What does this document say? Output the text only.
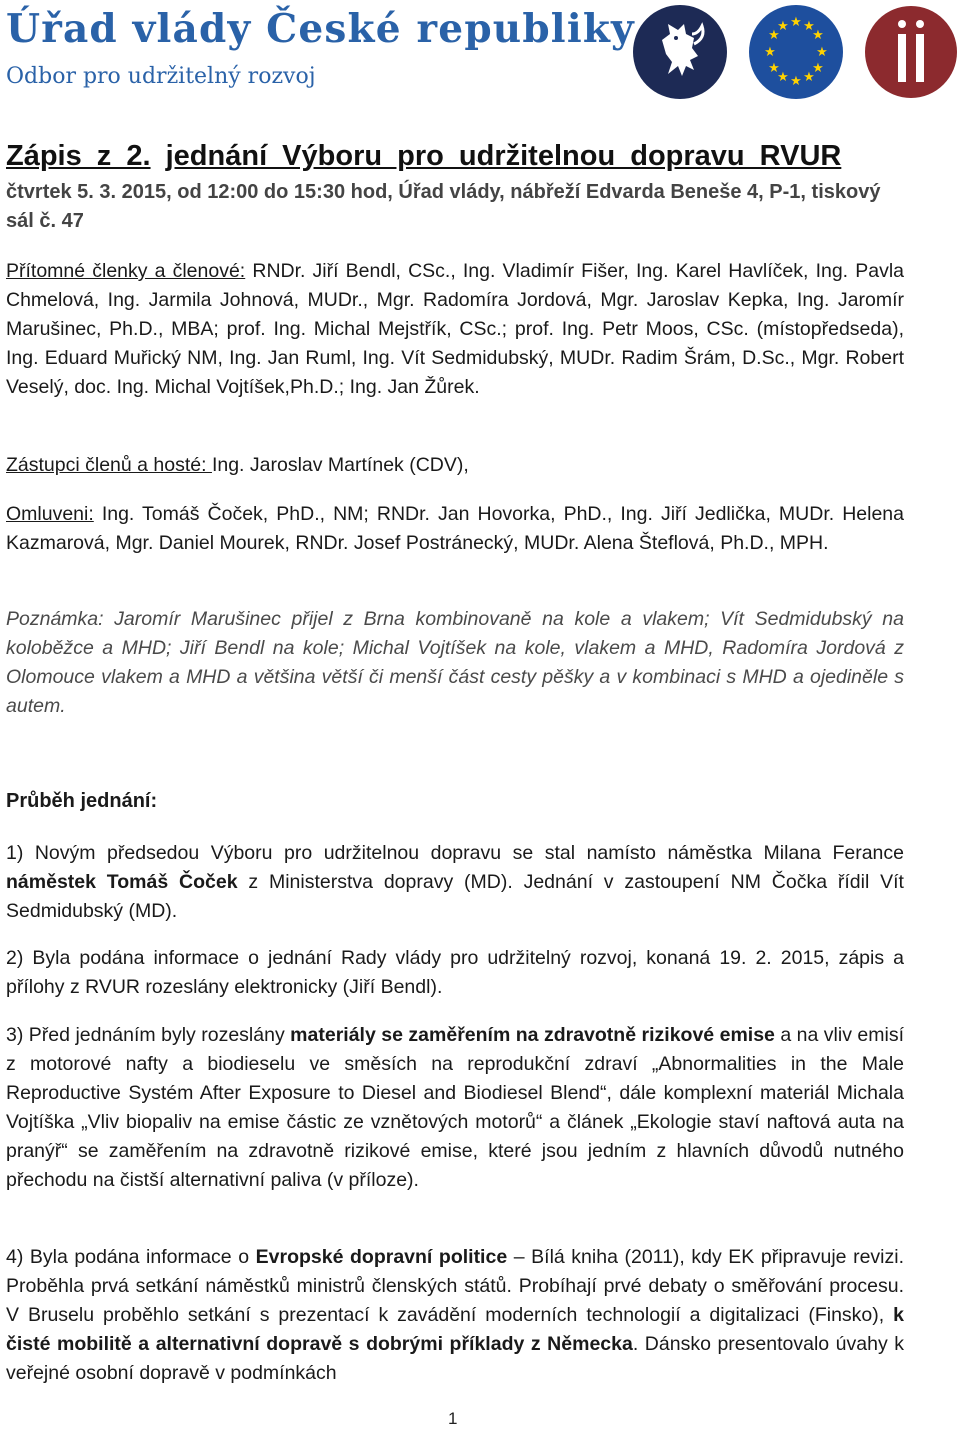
Úřad vlády České republiky
Odbor pro udržitelný rozvoj
★ ★
★
★
★
★
★
★
★
★
★
★
Zápis z 2. jednání Výboru pro udržitelnou dopravu RVUR
čtvrtek 5. 3. 2015, od 12:00 do 15:30 hod, Úřad vlády, nábřeží Edvarda Beneše 4, P-1, tiskový sál č. 47
Přítomné členky a členové: RNDr. Jiří Bendl, CSc., Ing. Vladimír Fišer, Ing. Karel Havlíček, Ing. Pavla Chmelová, Ing. Jarmila Johnová, MUDr., Mgr. Radomíra Jordová, Mgr. Jaroslav Kepka, Ing. Jaromír Marušinec, Ph.D., MBA; prof. Ing. Michal Mejstřík, CSc.; prof. Ing. Petr Moos, CSc. (místopředseda), Ing. Eduard Muřický NM, Ing. Jan Ruml, Ing. Vít Sedmidubský, MUDr. Radim Šrám, D.Sc., Mgr. Robert Veselý, doc. Ing. Michal Vojtíšek,Ph.D.; Ing. Jan Žůrek.
Zástupci členů a hosté: Ing. Jaroslav Martínek (CDV),
Omluveni: Ing. Tomáš Čoček, PhD., NM; RNDr. Jan Hovorka, PhD., Ing. Jiří Jedlička, MUDr. Helena Kazmarová, Mgr. Daniel Mourek, RNDr. Josef Postránecký, MUDr. Alena Šteflová, Ph.D., MPH.
Poznámka: Jaromír Marušinec přijel z Brna kombinovaně na kole a vlakem; Vít Sedmidubský na koloběžce a MHD; Jiří Bendl na kole; Michal Vojtíšek na kole, vlakem a MHD, Radomíra Jordová z Olomouce vlakem a MHD a většina větší či menší část cesty pěšky a v kombinaci s MHD a ojediněle s autem.
Průběh jednání:
1) Novým předsedou Výboru pro udržitelnou dopravu se stal namísto náměstka Milana Ferance náměstek Tomáš Čoček z Ministerstva dopravy (MD). Jednání v zastoupení NM Čočka řídil Vít Sedmidubský (MD).
2) Byla podána informace o jednání Rady vlády pro udržitelný rozvoj, konaná 19. 2. 2015, zápis a přílohy z RVUR rozeslány elektronicky (Jiří Bendl).
3) Před jednáním byly rozeslány materiály se zaměřením na zdravotně rizikové emise a na vliv emisí z motorové nafty a biodieselu ve směsích na reprodukční zdraví „Abnormalities in the Male Reproductive Systém After Exposure to Diesel and Biodiesel Blend“, dále komplexní materiál Michala Vojtíška „Vliv biopaliv na emise částic ze vznětových motorů“ a článek „Ekologie staví naftová auta na pranýř“ se zaměřením na zdravotně rizikové emise, které jsou jedním z hlavních důvodů nutného přechodu na čistší alternativní paliva (v příloze).
4) Byla podána informace o Evropské dopravní politice – Bílá kniha (2011), kdy EK připravuje revizi. Proběhla prvá setkání náměstků ministrů členských států. Probíhají prvé debaty o směřování procesu. V Bruselu proběhlo setkání s prezentací k zavádění moderních technologií a digitalizaci (Finsko), k čisté mobilitě a alternativní dopravě s dobrými příklady z Německa. Dánsko presentovalo úvahy k veřejné osobní dopravě v podmínkách
1
